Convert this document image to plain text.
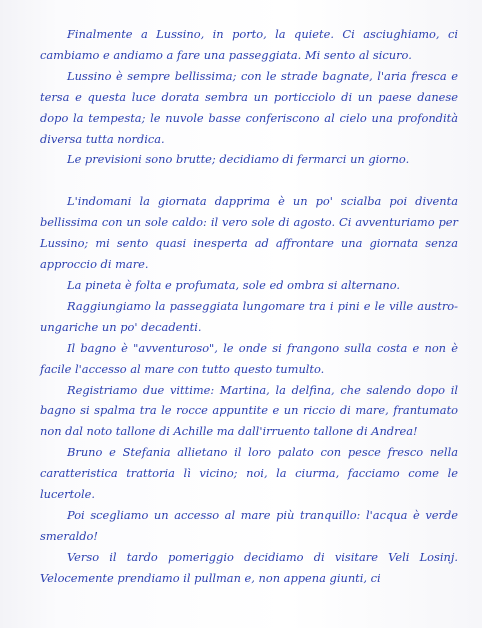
Finalmente a Lussino, in porto, la quiete. Ci asciughiamo, ci cambiamo e andiamo a fare una passeggiata. Mi sento al sicuro.

Lussino è sempre bellissima; con le strade bagnate, l'aria fresca e tersa e questa luce dorata sembra un porticciolo di un paese danese dopo la tempesta; le nuvole basse conferiscono al cielo una profondità diversa tutta nordica.

Le previsioni sono brutte; decidiamo di fermarci un giorno.

L'indomani la giornata dapprima è un po' scialba poi diventa bellissima con un sole caldo: il vero sole di agosto. Ci avventuriamo per Lussino; mi sento quasi inesperta ad affrontare una giornata senza approccio di mare.

La pineta è folta e profumata, sole ed ombra si alternano.

Raggiungiamo la passeggiata lungomare tra i pini e le ville austro-ungariche un po' decadenti.

Il bagno è "avventuroso", le onde si frangono sulla costa e non è facile l'accesso al mare con tutto questo tumulto.

Registriamo due vittime: Martina, la delfina, che salendo dopo il bagno si spalma tra le rocce appuntite e un riccio di mare, frantumato non dal noto tallone di Achille ma dall'irruento tallone di Andrea!

Bruno e Stefania allietano il loro palato con pesce fresco nella caratteristica trattoria lì vicino; noi, la ciurma, facciamo come le lucertole.

Poi scegliamo un accesso al mare più tranquillo: l'acqua è verde smeraldo!

Verso il tardo pomeriggio decidiamo di visitare Veli Losinj. Velocemente prendiamo il pullman e, non appena giunti, ci
